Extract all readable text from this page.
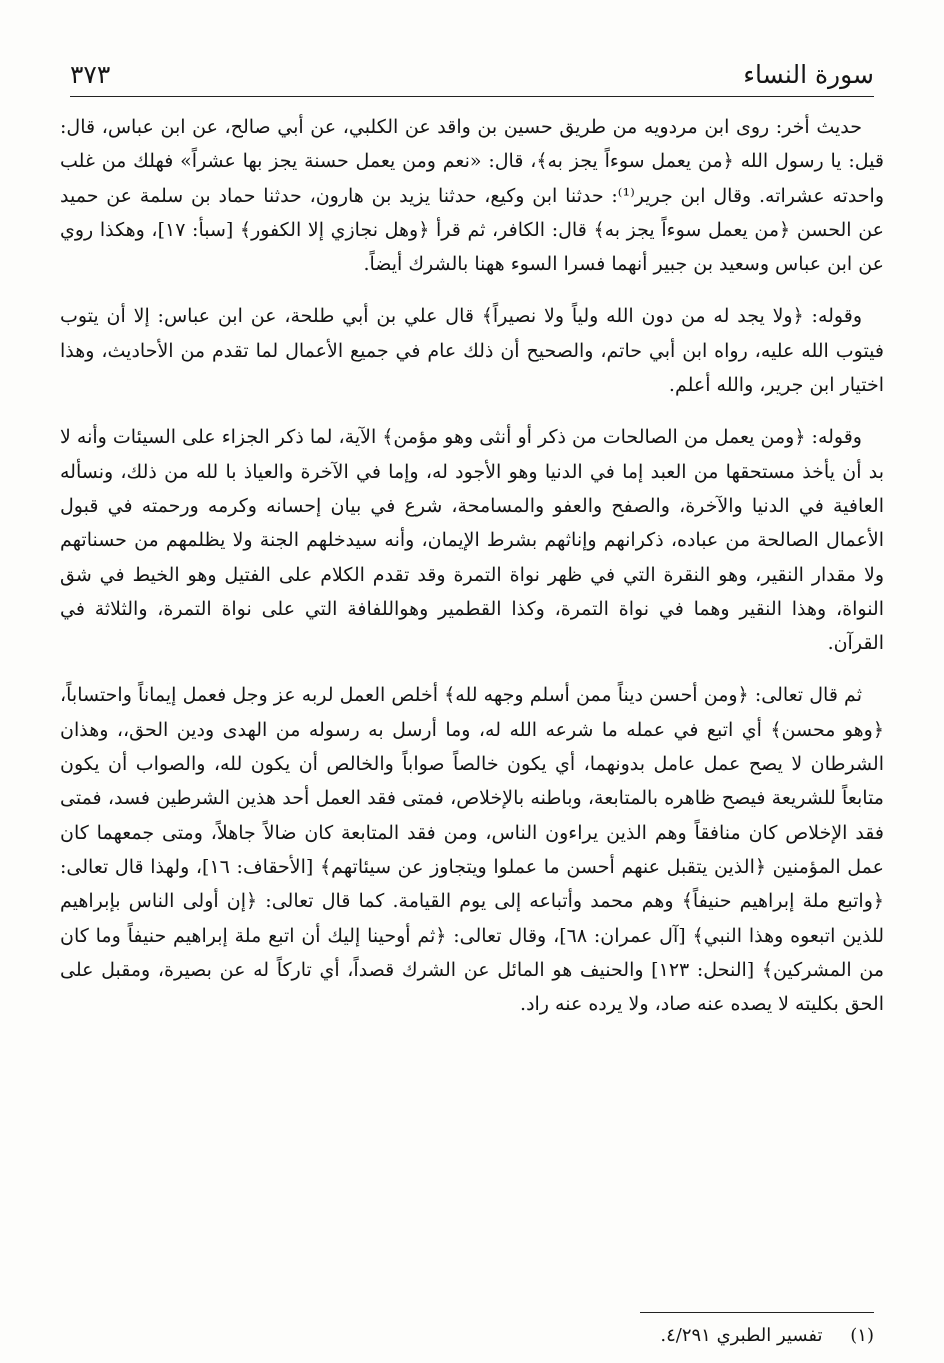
سورة النساء
٣٧٣

حديث أخر: روى ابن مردويه من طريق حسين بن واقد عن الكلبي، عن أبي صالح، عن ابن عباس، قال: قيل: يا رسول الله ﴿من يعمل سوءاً يجز به﴾، قال: «نعم ومن يعمل حسنة يجز بها عشراً» فهلك من غلب واحدته عشراته. وقال ابن جرير⁽¹⁾: حدثنا ابن وكيع، حدثنا يزيد بن هارون، حدثنا حماد بن سلمة عن حميد عن الحسن ﴿من يعمل سوءاً يجز به﴾ قال: الكافر، ثم قرأ ﴿وهل نجازي إلا الكفور﴾ [سبأ: ١٧]، وهكذا روي عن ابن عباس وسعيد بن جبير أنهما فسرا السوء ههنا بالشرك أيضاً.

وقوله: ﴿ولا يجد له من دون الله ولياً ولا نصيراً﴾ قال علي بن أبي طلحة، عن ابن عباس: إلا أن يتوب فيتوب الله عليه، رواه ابن أبي حاتم، والصحيح أن ذلك عام في جميع الأعمال لما تقدم من الأحاديث، وهذا اختيار ابن جرير، والله أعلم.

وقوله: ﴿ومن يعمل من الصالحات من ذكر أو أنثى وهو مؤمن﴾ الآية، لما ذكر الجزاء على السيئات وأنه لا بد أن يأخذ مستحقها من العبد إما في الدنيا وهو الأجود له، وإما في الآخرة والعياذ با لله من ذلك، ونسأله العافية في الدنيا والآخرة، والصفح والعفو والمسامحة، شرع في بيان إحسانه وكرمه ورحمته في قبول الأعمال الصالحة من عباده، ذكرانهم وإناثهم بشرط الإيمان، وأنه سيدخلهم الجنة ولا يظلمهم من حسناتهم ولا مقدار النقير، وهو النقرة التي في ظهر نواة التمرة وقد تقدم الكلام على الفتيل وهو الخيط في شق النواة، وهذا النقير وهما في نواة التمرة، وكذا القطمير وهواللفافة التي على نواة التمرة، والثلاثة في القرآن.

ثم قال تعالى: ﴿ومن أحسن ديناً ممن أسلم وجهه لله﴾ أخلص العمل لربه عز وجل فعمل إيماناً واحتساباً، ﴿وهو محسن﴾ أي اتبع في عمله ما شرعه الله له، وما أرسل به رسوله من الهدى ودين الحق،، وهذان الشرطان لا يصح عمل عامل بدونهما، أي يكون خالصاً صواباً والخالص أن يكون لله، والصواب أن يكون متابعاً للشريعة فيصح ظاهره بالمتابعة، وباطنه بالإخلاص، فمتى فقد العمل أحد هذين الشرطين فسد، فمتى فقد الإخلاص كان منافقاً وهم الذين يراءون الناس، ومن فقد المتابعة كان ضالاً جاهلاً، ومتى جمعهما كان عمل المؤمنين ﴿الذين يتقبل عنهم أحسن ما عملوا ويتجاوز عن سيئاتهم﴾ [الأحقاف: ١٦]، ولهذا قال تعالى: ﴿واتبع ملة إبراهيم حنيفاً﴾ وهم محمد وأتباعه إلى يوم القيامة. كما قال تعالى: ﴿إن أولى الناس بإبراهيم للذين اتبعوه وهذا النبي﴾ [آل عمران: ٦٨]، وقال تعالى: ﴿ثم أوحينا إليك أن اتبع ملة إبراهيم حنيفاً وما كان من المشركين﴾ [النحل: ١٢٣] والحنيف هو المائل عن الشرك قصداً، أي تاركاً له عن بصيرة، ومقبل على الحق بكليته لا يصده عنه صاد، ولا يرده عنه راد.

(١) تفسير الطبري ٤/٢٩١.
